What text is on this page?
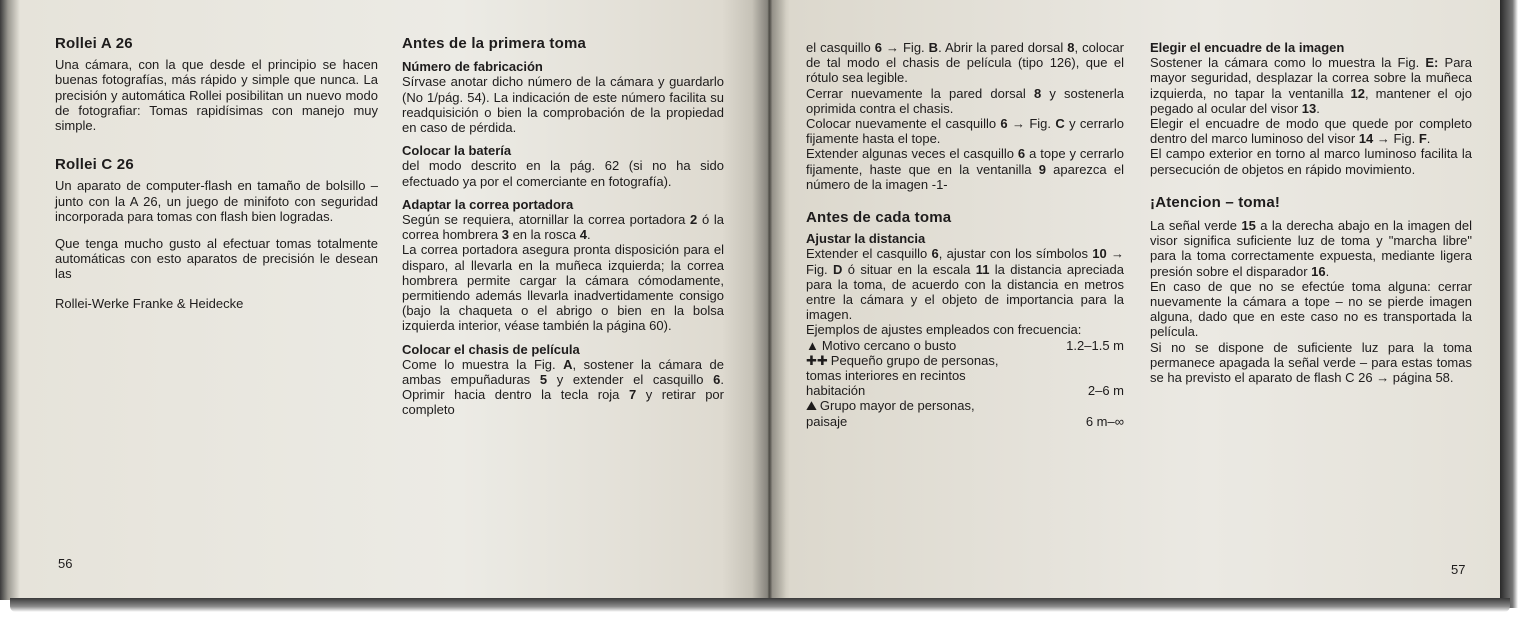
Rollei A 26

Una cámara, con la que desde el principio se hacen buenas fotografías, más rápido y simple que nunca. La precisión y automática Rollei posibilitan un nuevo modo de fotografiar: Tomas rapidísimas con manejo muy simple.

Rollei C 26

Un aparato de computer-flash en tamaño de bolsillo – junto con la A 26, un juego de minifoto con seguridad incorporada para tomas con flash bien logradas.

Que tenga mucho gusto al efectuar tomas totalmente automáticas con esto aparatos de precisión le desean las

Rollei-Werke Franke & Heidecke

Antes de la primera toma
Número de fabricación

Sírvase anotar dicho número de la cámara y guardarlo (No 1/pág. 54). La indicación de este número facilita su readquisición o bien la comprobación de la propiedad en caso de pérdida.

Colocar la batería

del modo descrito en la pág. 62 (si no ha sido efectuado ya por el comerciante en fotografía).

Adaptar la correa portadora

Según se requiera, atornillar la correa portadora 2 ó la correa hombrera 3 en la rosca 4.

La correa portadora asegura pronta disposición para el disparo, al llevarla en la muñeca izquierda; la correa hombrera permite cargar la cámara cómodamente, permitiendo además llevarla inadvertidamente consigo (bajo la chaqueta o el abrigo o bien en la bolsa izquierda interior, véase también la página 60).

Colocar el chasis de película

Come lo muestra la Fig. A, sostener la cámara de ambas empuñaduras 5 y extender el casquillo 6. Oprimir hacia dentro la tecla roja 7 y retirar por completo

56

el casquillo 6 → Fig. B. Abrir la pared dorsal 8, colocar de tal modo el chasis de película (tipo 126), que el rótulo sea legible.

Cerrar nuevamente la pared dorsal 8 y sostenerla oprimida contra el chasis.

Colocar nuevamente el casquillo 6 → Fig. C y cerrarlo fijamente hasta el tope.

Extender algunas veces el casquillo 6 a tope y cerrarlo fijamente, haste que en la ventanilla 9 aparezca el número de la imagen -1-

Antes de cada toma
Ajustar la distancia

Extender el casquillo 6, ajustar con los símbolos 10 → Fig. D ó situar en la escala 11 la distancia apreciada para la toma, de acuerdo con la distancia en metros entre la cámara y el objeto de importancia para la imagen.

Ejemplos de ajustes empleados con frecuencia:

▲ Motivo cercano o busto	1.2–1.5 m
✚✚ Pequeño grupo de personas,
tomas interiores en recintos
habitación	2–6 m
⛰ Grupo mayor de personas,
paisaje	6 m–∞
Elegir el encuadre de la imagen

Sostener la cámara como lo muestra la Fig. E: Para mayor seguridad, desplazar la correa sobre la muñeca izquierda, no tapar la ventanilla 12, mantener el ojo pegado al ocular del visor 13.

Elegir el encuadre de modo que quede por completo dentro del marco luminoso del visor 14 → Fig. F.

El campo exterior en torno al marco luminoso facilita la persecución de objetos en rápido movimiento.

¡Atencion – toma!

La señal verde 15 a la derecha abajo en la imagen del visor significa suficiente luz de toma y "marcha libre" para la toma correctamente expuesta, mediante ligera presión sobre el disparador 16.

En caso de que no se efectúe toma alguna: cerrar nuevamente la cámara a tope – no se pierde imagen alguna, dado que en este caso no es transportada la película.

Si no se dispone de suficiente luz para la toma permanece apagada la señal verde – para estas tomas se ha previsto el aparato de flash C 26 → página 58.

57
